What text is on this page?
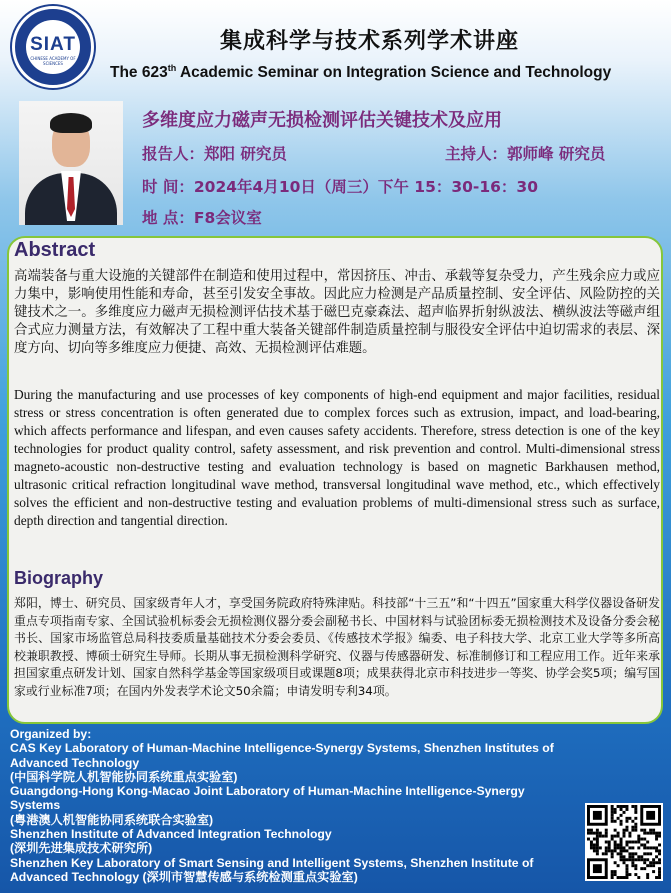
SIAT
CHINESE ACADEMY OF SCIENCES
集成科学与技术系列学术讲座
The 623th Academic Seminar on Integration Science and Technology
多维度应力磁声无损检测评估关键技术及应用
报告人：郑阳 研究员	主持人：郭师峰 研究员
时 间：2024年4月10日（周三）下午 15：30-16：30
地 点：F8会议室
Abstract
高端装备与重大设施的关键部件在制造和使用过程中，常因挤压、冲击、承载等复杂受力，产生残余应力或应力集中，影响使用性能和寿命，甚至引发安全事故。因此应力检测是产品质量控制、安全评估、风险防控的关键技术之一。多维度应力磁声无损检测评估技术基于磁巴克豪森法、超声临界折射纵波法、横纵波法等磁声组合式应力测量方法，有效解决了工程中重大装备关键部件制造质量控制与服役安全评估中迫切需求的表层、深度方向、切向等多维度应力便捷、高效、无损检测评估难题。
During the manufacturing and use processes of key components of high-end equipment and major facilities, residual stress or stress concentration is often generated due to complex forces such as extrusion, impact, and load-bearing, which affects performance and lifespan, and even causes safety accidents. Therefore, stress detection is one of the key technologies for product quality control, safety assessment, and risk prevention and control. Multi-dimensional stress magneto-acoustic non-destructive testing and evaluation technology is based on magnetic Barkhausen method, ultrasonic critical refraction longitudinal wave method, transversal longitudinal wave method, etc., which effectively solves the efficient and non-destructive testing and evaluation problems of multi-dimensional stress such as surface, depth direction and tangential direction.
Biography
郑阳，博士、研究员、国家级青年人才，享受国务院政府特殊津贴。科技部“十三五”和“十四五”国家重大科学仪器设备研发重点专项指南专家、全国试验机标委会无损检测仪器分委会副秘书长、中国材料与试验团标委无损检测技术及设备分委会秘书长、国家市场监管总局科技委质量基础技术分委会委员、《传感技术学报》编委、电子科技大学、北京工业大学等多所高校兼职教授、博硕士研究生导师。长期从事无损检测科学研究、仪器与传感器研发、标准制修订和工程应用工作。近年来承担国家重点研发计划、国家自然科学基金等国家级项目或课题8项；成果获得北京市科技进步一等奖、协学会奖5项；编写国家或行业标准7项；在国内外发表学术论文50余篇；申请发明专利34项。
Organized by:
CAS Key Laboratory of Human-Machine Intelligence-Synergy Systems, Shenzhen Institutes of Advanced Technology
(中国科学院人机智能协同系统重点实验室)
Guangdong-Hong Kong-Macao Joint Laboratory of Human-Machine Intelligence-Synergy Systems
(粤港澳人机智能协同系统联合实验室)
Shenzhen Institute of Advanced Integration Technology
(深圳先进集成技术研究所)
Shenzhen Key Laboratory of Smart Sensing and Intelligent Systems, Shenzhen Institute of Advanced Technology (深圳市智慧传感与系统检测重点实验室)
